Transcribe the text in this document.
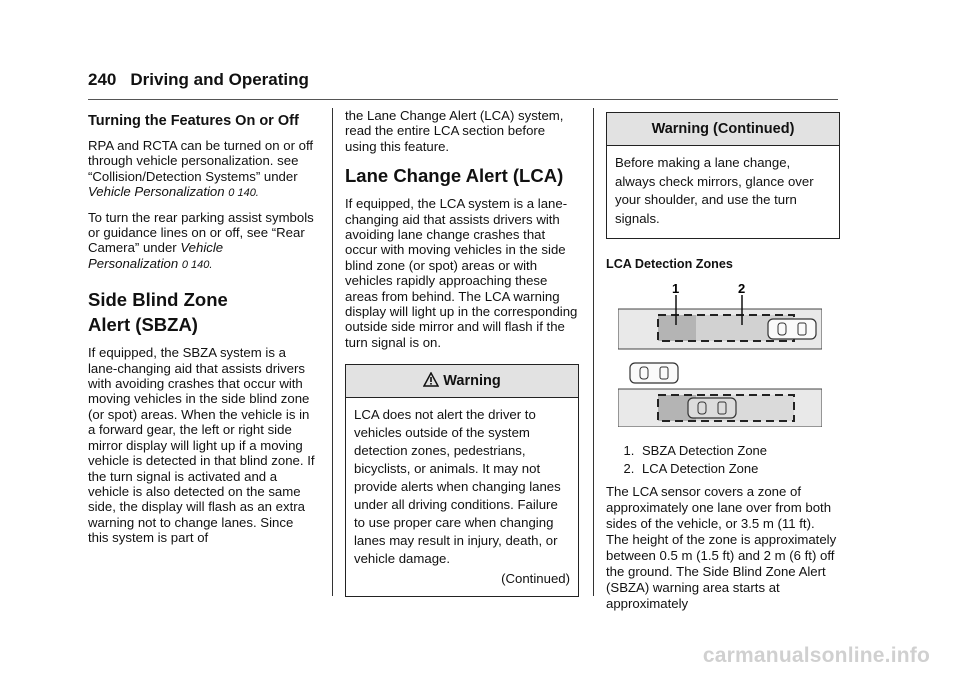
240 Driving and Operating
Turning the Features On or Off

RPA and RCTA can be turned on or off through vehicle personalization. see “Collision/Detection Systems” under Vehicle Personalization 0 140.

To turn the rear parking assist symbols or guidance lines on or off, see “Rear Camera” under Vehicle Personalization 0 140.

Side Blind Zone
Alert (SBZA)

If equipped, the SBZA system is a lane-changing aid that assists drivers with avoiding crashes that occur with moving vehicles in the side blind zone (or spot) areas. When the vehicle is in a forward gear, the left or right side mirror display will light up if a moving vehicle is detected in that blind zone. If the turn signal is activated and a vehicle is also detected on the same side, the display will flash as an extra warning not to change lanes. Since this system is part of

the Lane Change Alert (LCA) system, read the entire LCA section before using this feature.

Lane Change Alert (LCA)

If equipped, the LCA system is a lane-changing aid that assists drivers with avoiding lane change crashes that occur with moving vehicles in the side blind zone (or spot) areas or with vehicles rapidly approaching these areas from behind. The LCA warning display will light up in the corresponding outside side mirror and will flash if the turn signal is on.

Warning
LCA does not alert the driver to vehicles outside of the system detection zones, pedestrians, bicyclists, or animals. It may not provide alerts when changing lanes under all driving conditions. Failure to use proper care when changing lanes may result in injury, death, or vehicle damage.
(Continued)
Warning (Continued)
Before making a lane change, always check mirrors, glance over your shoulder, and use the turn signals.
LCA Detection Zones
1	2
1. SBZA Detection Zone
2. LCA Detection Zone

The LCA sensor covers a zone of approximately one lane over from both sides of the vehicle, or 3.5 m (11 ft). The height of the zone is approximately between 0.5 m (1.5 ft) and 2 m (6 ft) off the ground. The Side Blind Zone Alert (SBZA) warning area starts at approximately

carmanualsonline.info
